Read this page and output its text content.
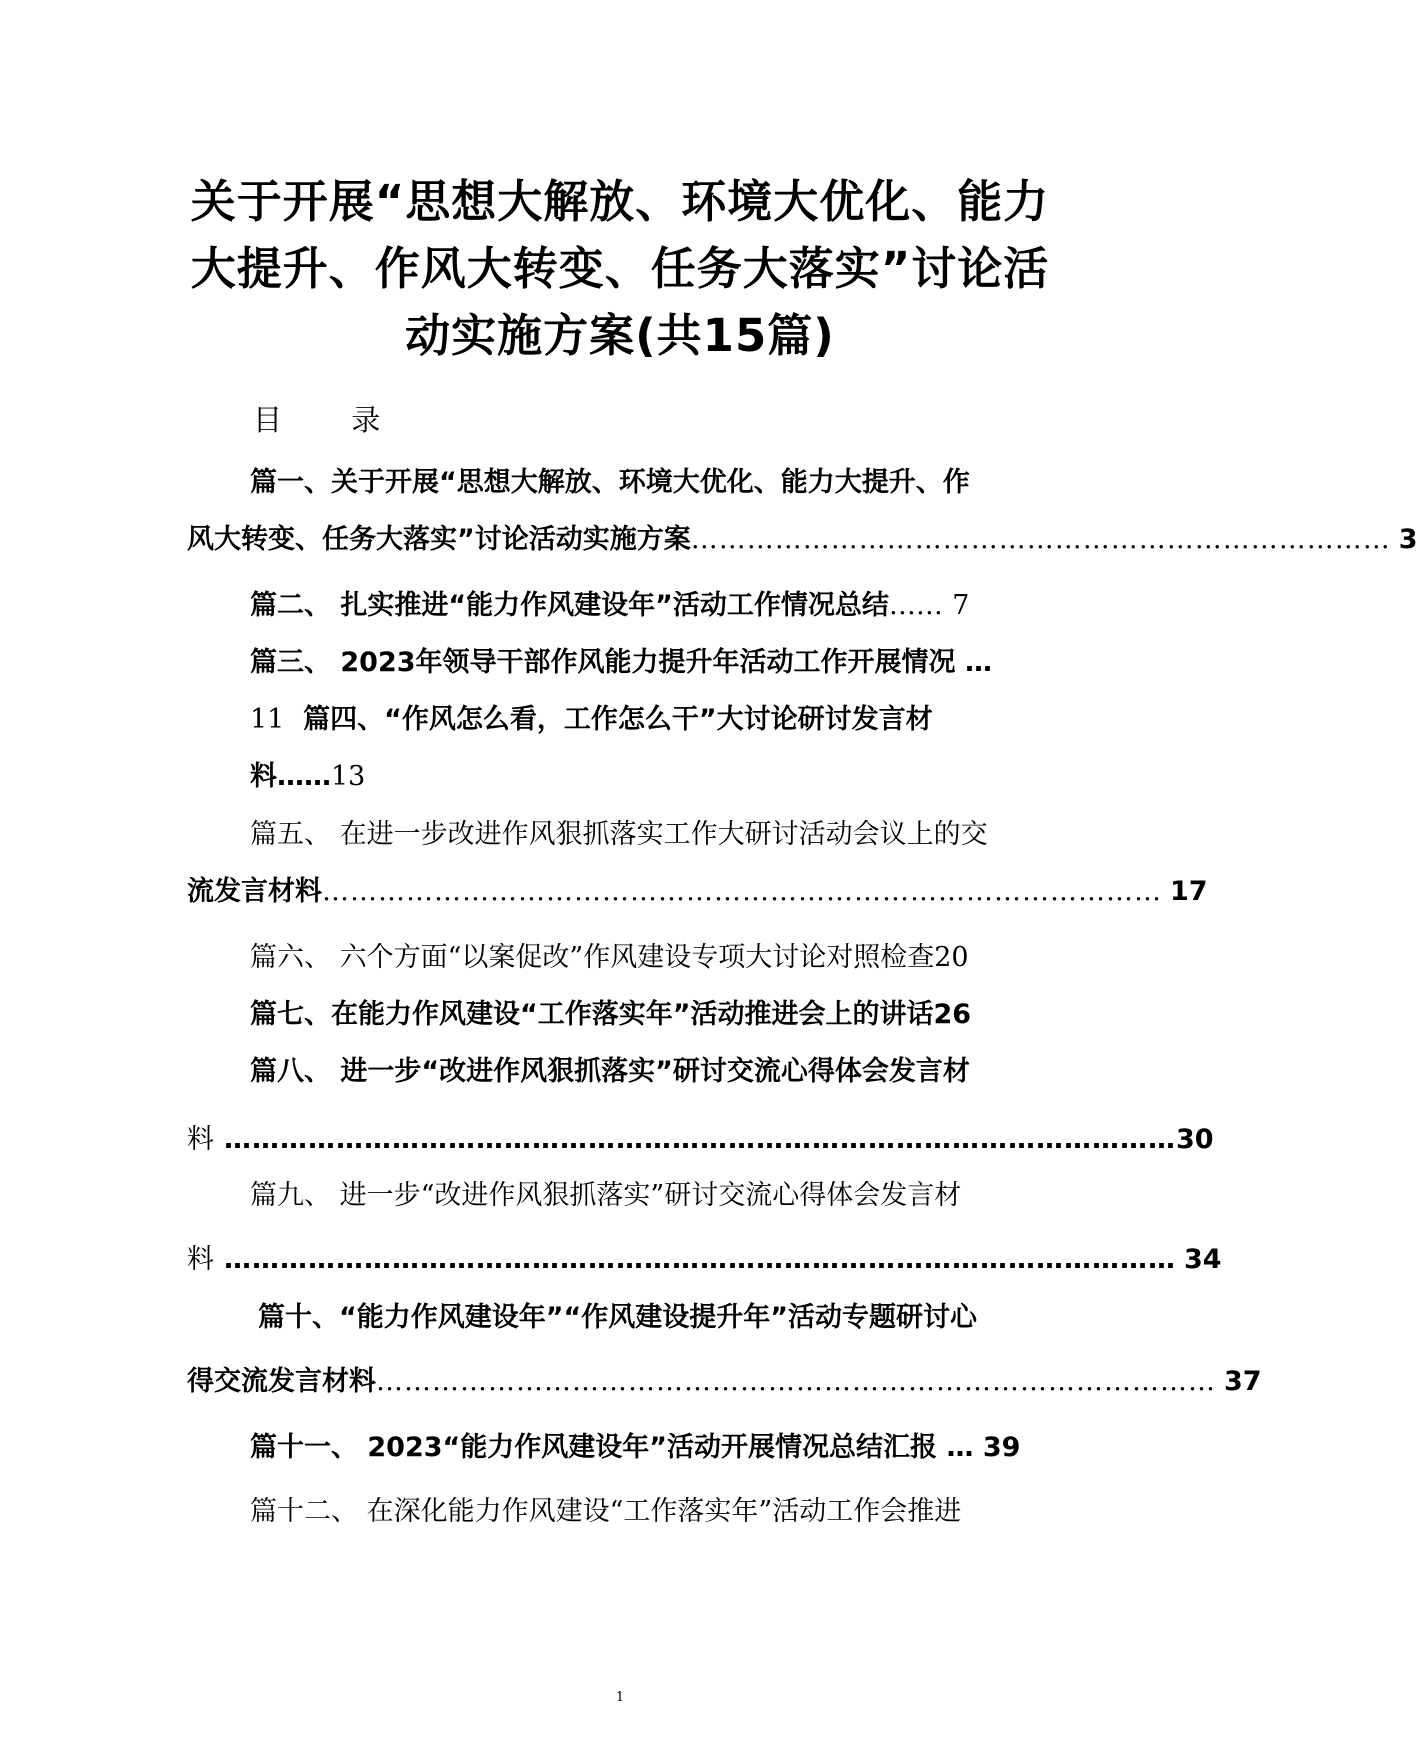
关于开展“思想大解放、环境大优化、能力
大提升、作风大转变、任务大落实”讨论活
动实施方案(共15篇)
目 录
篇一、关于开展“思想大解放、环境大优化、能力大提升、作
风大转变、任务大落实”讨论活动实施方案 ………………………………………………………………… 3
篇二、 扎实推进“能力作风建设年”活动工作情况总结…… 7
篇三、 2023年领导干部作风能力提升年活动工作开展情况 …
11 篇四、“作风怎么看，工作怎么干”大讨论研讨发言材
料……13
篇五、 在进一步改进作风狠抓落实工作大研讨活动会议上的交
流发言材料 ……………………………………………………………………………… 17
篇六、 六个方面“以案促改”作风建设专项大讨论对照检查20
篇七、在能力作风建设“工作落实年”活动推进会上的讲话26
篇八、 进一步“改进作风狠抓落实”研讨交流心得体会发言材
料 ………………………………………………………………………………………… 30
篇九、 进一步“改进作风狠抓落实”研讨交流心得体会发言材
料 ………………………………………………………………………………………… 34
篇十、“能力作风建设年”“作风建设提升年”活动专题研讨心
得交流发言材料 ……………………………………………………………………………… 37
篇十一、 2023“能力作风建设年”活动开展情况总结汇报 … 39
篇十二、 在深化能力作风建设“工作落实年”活动工作会推进
1
